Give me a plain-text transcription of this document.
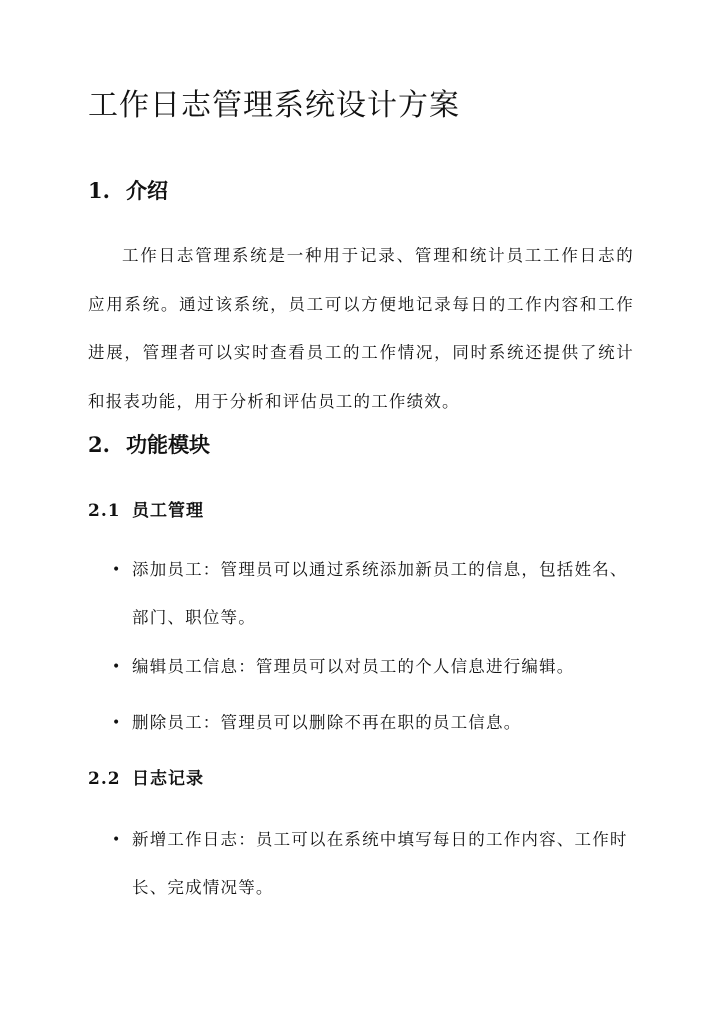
工作日志管理系统设计方案
1. 介绍

工作日志管理系统是一种用于记录、管理和统计员工工作日志的应用系统。通过该系统，员工可以方便地记录每日的工作内容和工作进展，管理者可以实时查看员工的工作情况，同时系统还提供了统计和报表功能，用于分析和评估员工的工作绩效。

2. 功能模块
2.1 员工管理
• 添加员工：管理员可以通过系统添加新员工的信息，包括姓名、部门、职位等。
• 编辑员工信息：管理员可以对员工的个人信息进行编辑。
• 删除员工：管理员可以删除不再在职的员工信息。
2.2 日志记录
• 新增工作日志：员工可以在系统中填写每日的工作内容、工作时长、完成情况等。
